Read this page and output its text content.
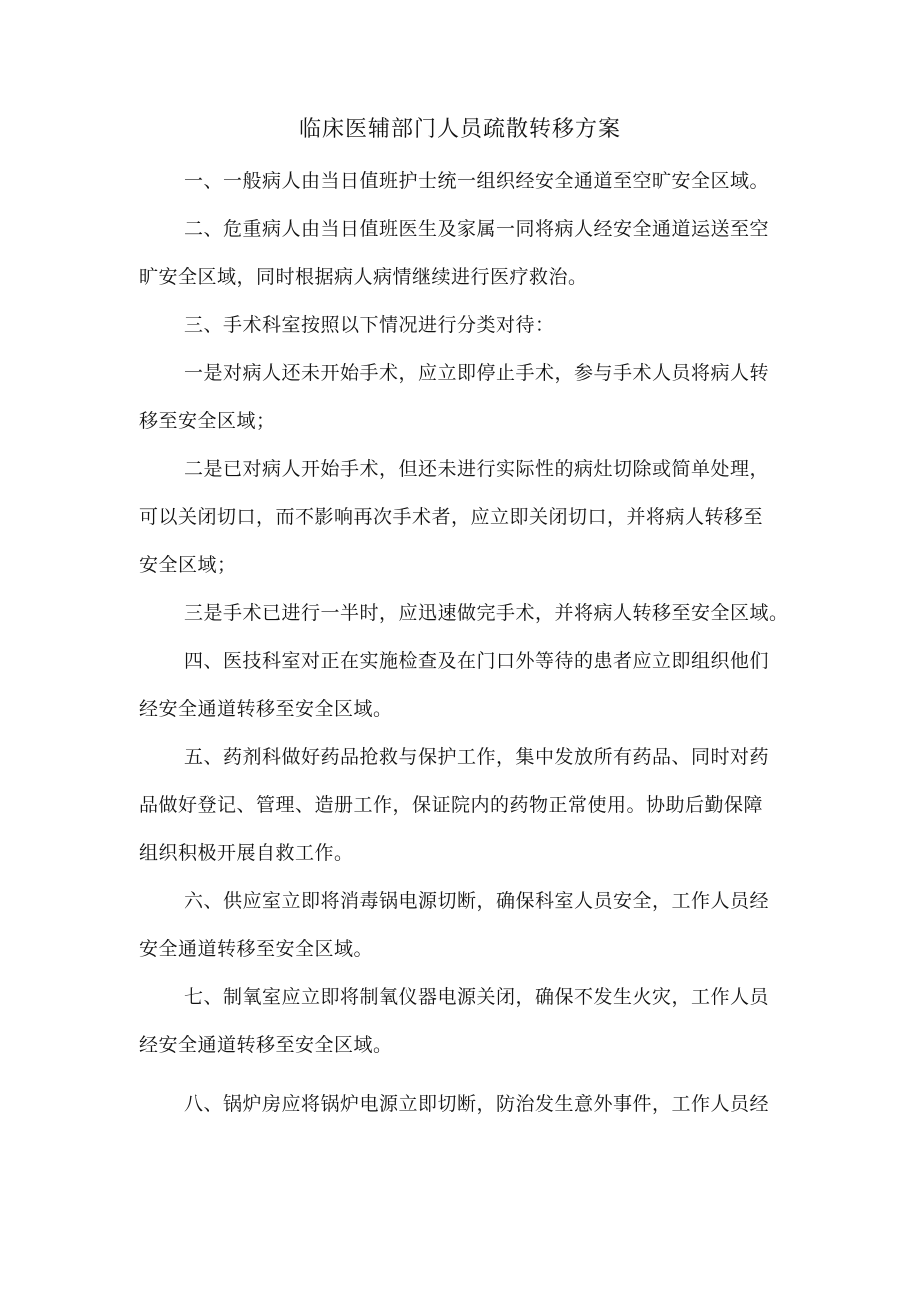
临床医辅部门人员疏散转移方案
一、一般病人由当日值班护士统一组织经安全通道至空旷安全区域。
二、危重病人由当日值班医生及家属一同将病人经安全通道运送至空
旷安全区域，同时根据病人病情继续进行医疗救治。
三、手术科室按照以下情况进行分类对待：
一是对病人还未开始手术，应立即停止手术，参与手术人员将病人转
移至安全区域；
二是已对病人开始手术，但还未进行实际性的病灶切除或简单处理，
可以关闭切口，而不影响再次手术者，应立即关闭切口，并将病人转移至
安全区域；
三是手术已进行一半时，应迅速做完手术，并将病人转移至安全区域。
四、医技科室对正在实施检查及在门口外等待的患者应立即组织他们
经安全通道转移至安全区域。
五、药剂科做好药品抢救与保护工作，集中发放所有药品、同时对药
品做好登记、管理、造册工作，保证院内的药物正常使用。协助后勤保障
组织积极开展自救工作。
六、供应室立即将消毒锅电源切断，确保科室人员安全，工作人员经
安全通道转移至安全区域。
七、制氧室应立即将制氧仪器电源关闭，确保不发生火灾，工作人员
经安全通道转移至安全区域。
八、锅炉房应将锅炉电源立即切断，防治发生意外事件，工作人员经
